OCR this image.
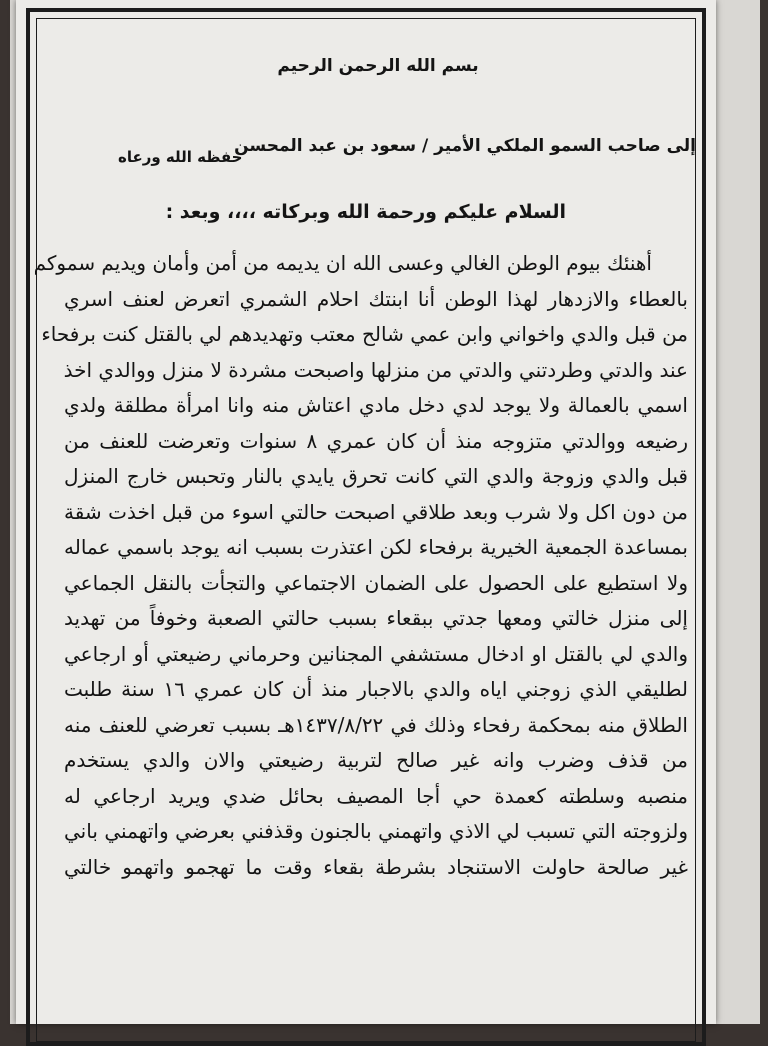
بسم الله الرحمن الرحيم

إلى صاحب السمو الملكي الأمير / سعود بن عبد المحسن
حفظه الله ورعاه

السلام عليكم ورحمة الله وبركاته ،،،، وبعد :

أهنئك بيوم الوطن الغالي وعسى الله ان يديمه من أمن وأمان ويديم سموكم
بالعطاء والازدهار لهذا الوطن أنا ابنتك احلام الشمري اتعرض لعنف اسري
من قبل والدي واخواني وابن عمي شالح معتب وتهديدهم لي بالقتل كنت برفحاء
عند والدتي وطردتني والدتي من منزلها واصبحت مشردة لا منزل ووالدي اخذ
اسمي بالعمالة ولا يوجد لدي دخل مادي اعتاش منه وانا امرأة مطلقة ولدي
رضيعه ووالدتي متزوجه منذ أن كان عمري ٨ سنوات وتعرضت للعنف من
قبل والدي وزوجة والدي التي كانت تحرق يايدي بالنار وتحبس خارج المنزل
من دون اكل ولا شرب وبعد طلاقي اصبحت حالتي اسوء من قبل اخذت شقة
بمساعدة الجمعية الخيرية برفحاء لكن اعتذرت بسبب انه يوجد باسمي عماله
ولا استطيع على الحصول على الضمان الاجتماعي والتجأت بالنقل الجماعي
إلى منزل خالتي ومعها جدتي ببقعاء بسبب حالتي الصعبة وخوفاً من تهديد
والدي لي بالقتل او ادخال مستشفي المجنانين وحرماني رضيعتي أو ارجاعي
لطليقي الذي زوجني اياه والدي بالاجبار منذ أن كان عمري ١٦ سنة طلبت
الطلاق منه بمحكمة رفحاء وذلك في ١٤٣٧/٨/٢٢هـ بسبب تعرضي للعنف منه
من قذف وضرب وانه غير صالح لتربية رضيعتي والان والدي يستخدم
منصبه وسلطته كعمدة حي أجا المصيف بحائل ضدي ويريد ارجاعي له
ولزوجته التي تسبب لي الاذي واتهمني بالجنون وقذفني بعرضي واتهمني باني
غير صالحة حاولت الاستنجاد بشرطة بقعاء وقت ما تهجمو واتهمو خالتي
